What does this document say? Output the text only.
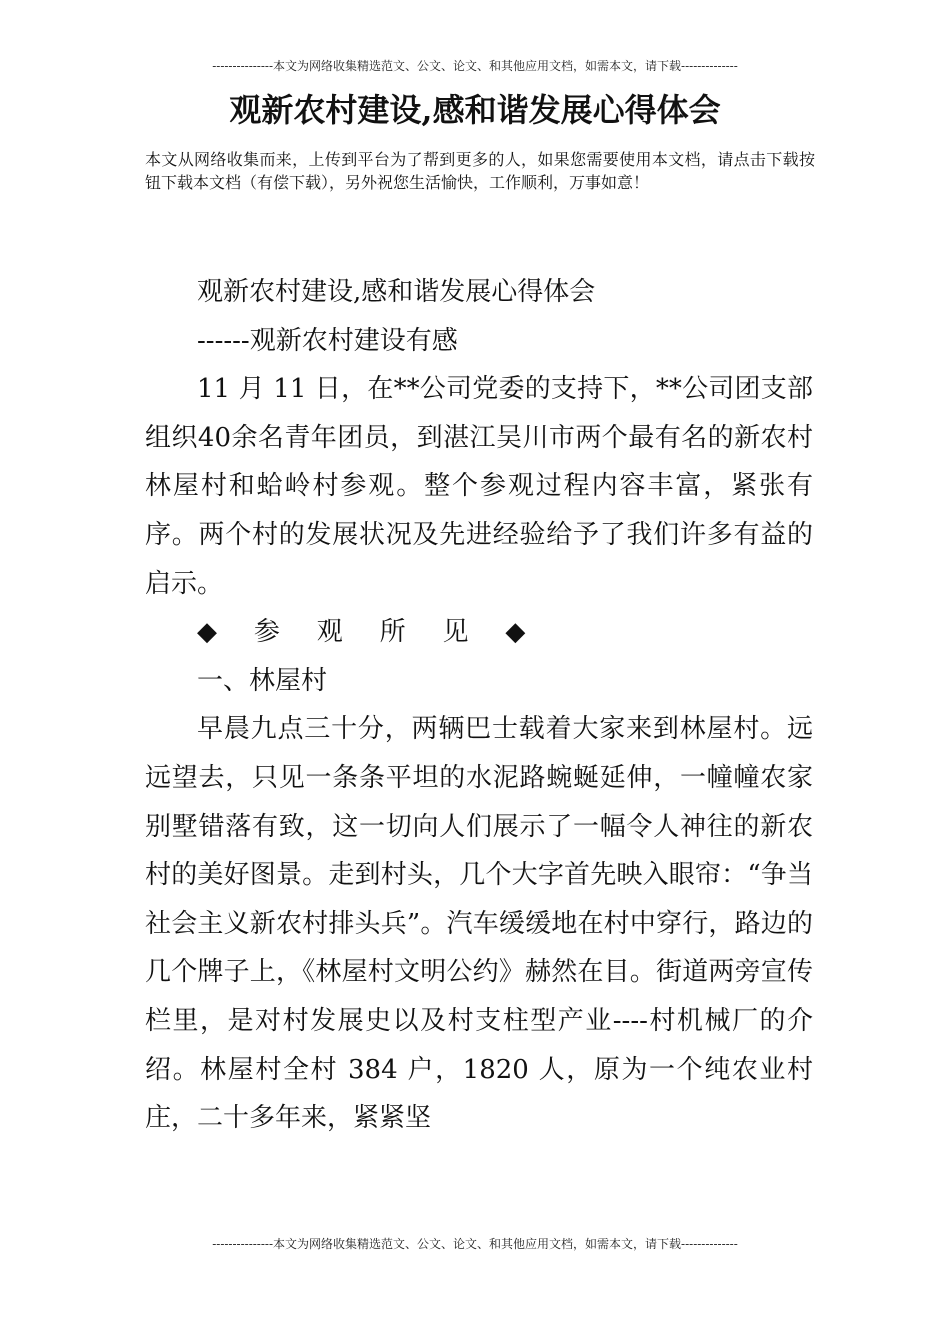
---------------本文为网络收集精选范文、公文、论文、和其他应用文档，如需本文，请下载--------------
观新农村建设,感和谐发展心得体会

本文从网络收集而来，上传到平台为了帮到更多的人，如果您需要使用本文档，请点击下载按钮下载本文档（有偿下载），另外祝您生活愉快，工作顺利，万事如意！

观新农村建设,感和谐发展心得体会

------观新农村建设有感

11 月 11 日，在**公司党委的支持下，**公司团支部组织40余名青年团员，到湛江吴川市两个最有名的新农村林屋村和蛤岭村参观。整个参观过程内容丰富，紧张有序。两个村的发展状况及先进经验给予了我们许多有益的启示。

◆ 参 观 所 见 ◆

一、林屋村

早晨九点三十分，两辆巴士载着大家来到林屋村。远远望去，只见一条条平坦的水泥路蜿蜒延伸，一幢幢农家别墅错落有致，这一切向人们展示了一幅令人神往的新农村的美好图景。走到村头，几个大字首先映入眼帘：“争当社会主义新农村排头兵”。汽车缓缓地在村中穿行，路边的几个牌子上，《林屋村文明公约》赫然在目。街道两旁宣传栏里，是对村发展史以及村支柱型产业----村机械厂的介绍。林屋村全村 384 户，1820 人，原为一个纯农业村庄，二十多年来，紧紧坚

---------------本文为网络收集精选范文、公文、论文、和其他应用文档，如需本文，请下载--------------
